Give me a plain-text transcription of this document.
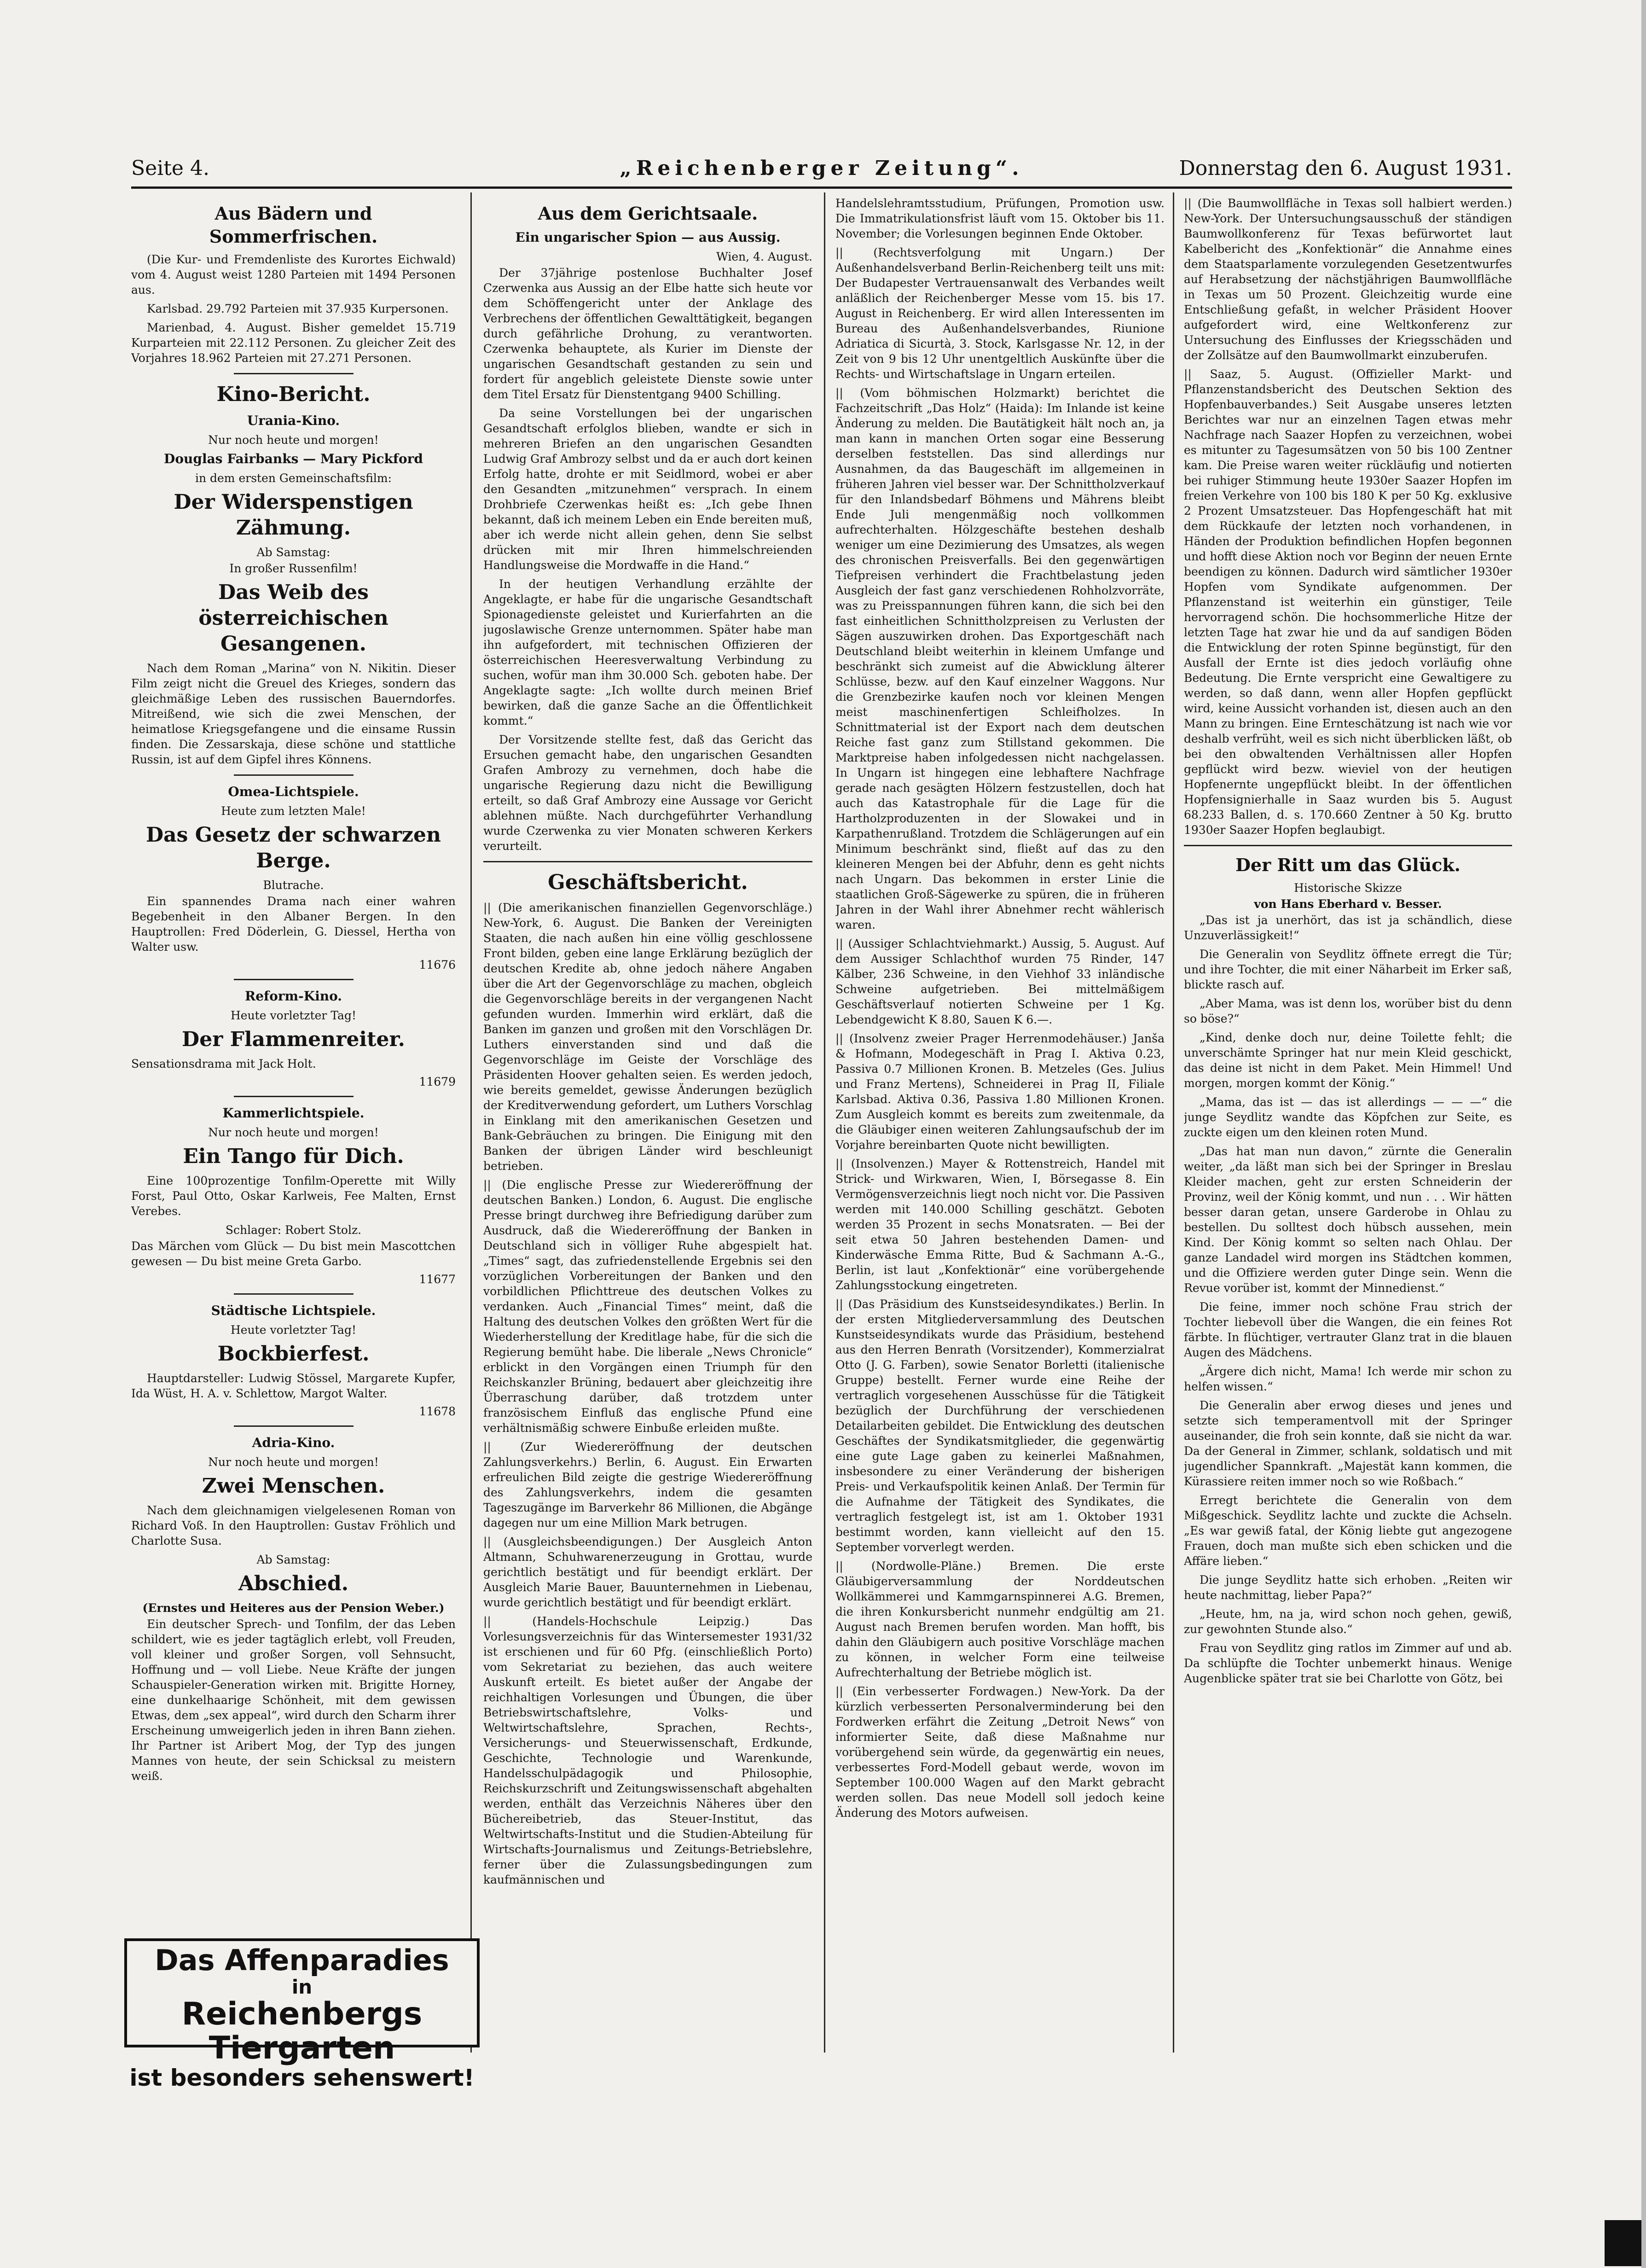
Seite 4.	„Reichenberger Zeitung“.	Donnerstag den 6. August 1931.
Aus Bädern und Sommerfrischen.

(Die Kur- und Fremdenliste des Kurortes Eichwald) vom 4. August weist 1280 Parteien mit 1494 Personen aus.

Karlsbad. 29.792 Parteien mit 37.935 Kurpersonen.

Marienbad, 4. August. Bisher gemeldet 15.719 Kurparteien mit 22.112 Personen. Zu gleicher Zeit des Vorjahres 18.962 Parteien mit 27.271 Personen.

Kino-Bericht.
Urania-Kino.
Nur noch heute und morgen!
Douglas Fairbanks — Mary Pickford
in dem ersten Gemeinschaftsfilm:
Der Widerspenstigen Zähmung.
Ab Samstag:
In großer Russenfilm!
Das Weib des österreichischen Gesangenen.

Nach dem Roman „Marina“ von N. Nikitin. Dieser Film zeigt nicht die Greuel des Krieges, sondern das gleichmäßige Leben des russischen Bauerndorfes. Mitreißend, wie sich die zwei Menschen, der heimatlose Kriegsgefangene und die einsame Russin finden. Die Zessarskaja, diese schöne und stattliche Russin, ist auf dem Gipfel ihres Könnens.

Omea-Lichtspiele.
Heute zum letzten Male!
Das Gesetz der schwarzen Berge.
Blutrache.

Ein spannendes Drama nach einer wahren Begebenheit in den Albaner Bergen. In den Hauptrollen: Fred Döderlein, G. Diessel, Hertha von Walter usw.

11676
Reform-Kino.
Heute vorletzter Tag!
Der Flammenreiter.

Sensationsdrama mit Jack Holt.

11679
Kammerlichtspiele.
Nur noch heute und morgen!
Ein Tango für Dich.

Eine 100prozentige Tonfilm-Operette mit Willy Forst, Paul Otto, Oskar Karlweis, Fee Malten, Ernst Verebes.

Schlager: Robert Stolz.

Das Märchen vom Glück — Du bist mein Mascottchen gewesen — Du bist meine Greta Garbo.

11677
Städtische Lichtspiele.
Heute vorletzter Tag!
Bockbierfest.

Hauptdarsteller: Ludwig Stössel, Margarete Kupfer, Ida Wüst, H. A. v. Schlettow, Margot Walter.

11678
Adria-Kino.
Nur noch heute und morgen!
Zwei Menschen.

Nach dem gleichnamigen vielgelesenen Roman von Richard Voß. In den Hauptrollen: Gustav Fröhlich und Charlotte Susa.

Ab Samstag:
Abschied.
(Ernstes und Heiteres aus der Pension Weber.)

Ein deutscher Sprech- und Tonfilm, der das Leben schildert, wie es jeder tagtäglich erlebt, voll Freuden, voll kleiner und großer Sorgen, voll Sehnsucht, Hoffnung und — voll Liebe. Neue Kräfte der jungen Schauspieler-Generation wirken mit. Brigitte Horney, eine dunkelhaarige Schönheit, mit dem gewissen Etwas, dem „sex appeal“, wird durch den Scharm ihrer Erscheinung umweigerlich jeden in ihren Bann ziehen. Ihr Partner ist Aribert Mog, der Typ des jungen Mannes von heute, der sein Schicksal zu meistern weiß.

Das Affenparadies
in
Reichenbergs Tiergarten
ist besonders sehenswert!
Aus dem Gerichtsaale.
Ein ungarischer Spion — aus Aussig.
Wien, 4. August.

Der 37jährige postenlose Buchhalter Josef Czerwenka aus Aussig an der Elbe hatte sich heute vor dem Schöffengericht unter der Anklage des Verbrechens der öffentlichen Gewalttätigkeit, begangen durch gefährliche Drohung, zu verantworten. Czerwenka behauptete, als Kurier im Dienste der ungarischen Gesandtschaft gestanden zu sein und fordert für angeblich geleistete Dienste sowie unter dem Titel Ersatz für Dienstentgang 9400 Schilling.

Da seine Vorstellungen bei der ungarischen Gesandtschaft erfolglos blieben, wandte er sich in mehreren Briefen an den ungarischen Gesandten Ludwig Graf Ambrozy selbst und da er auch dort keinen Erfolg hatte, drohte er mit Seidlmord, wobei er aber den Gesandten „mitzunehmen“ versprach. In einem Drohbriefe Czerwenkas heißt es: „Ich gebe Ihnen bekannt, daß ich meinem Leben ein Ende bereiten muß, aber ich werde nicht allein gehen, denn Sie selbst drücken mit mir Ihren himmelschreienden Handlungsweise die Mordwaffe in die Hand.“

In der heutigen Verhandlung erzählte der Angeklagte, er habe für die ungarische Gesandtschaft Spionagedienste geleistet und Kurierfahrten an die jugoslawische Grenze unternommen. Später habe man ihn aufgefordert, mit technischen Offizieren der österreichischen Heeresverwaltung Verbindung zu suchen, wofür man ihm 30.000 Sch. geboten habe. Der Angeklagte sagte: „Ich wollte durch meinen Brief bewirken, daß die ganze Sache an die Öffentlichkeit kommt.“

Der Vorsitzende stellte fest, daß das Gericht das Ersuchen gemacht habe, den ungarischen Gesandten Grafen Ambrozy zu vernehmen, doch habe die ungarische Regierung dazu nicht die Bewilligung erteilt, so daß Graf Ambrozy eine Aussage vor Gericht ablehnen müßte. Nach durchgeführter Verhandlung wurde Czerwenka zu vier Monaten schweren Kerkers verurteilt.

Geschäftsbericht.

|| (Die amerikanischen finanziellen Gegenvorschläge.) New-York, 6. August. Die Banken der Vereinigten Staaten, die nach außen hin eine völlig geschlossene Front bilden, geben eine lange Erklärung bezüglich der deutschen Kredite ab, ohne jedoch nähere Angaben über die Art der Gegenvorschläge zu machen, obgleich die Gegenvorschläge bereits in der vergangenen Nacht gefunden wurden. Immerhin wird erklärt, daß die Banken im ganzen und großen mit den Vorschlägen Dr. Luthers einverstanden sind und daß die Gegenvorschläge im Geiste der Vorschläge des Präsidenten Hoover gehalten seien. Es werden jedoch, wie bereits gemeldet, gewisse Änderungen bezüglich der Kreditverwendung gefordert, um Luthers Vorschlag in Einklang mit den amerikanischen Gesetzen und Bank-Gebräuchen zu bringen. Die Einigung mit den Banken der übrigen Länder wird beschleunigt betrieben.

|| (Die englische Presse zur Wiedereröffnung der deutschen Banken.) London, 6. August. Die englische Presse bringt durchweg ihre Befriedigung darüber zum Ausdruck, daß die Wiedereröffnung der Banken in Deutschland sich in völliger Ruhe abgespielt hat. „Times“ sagt, das zufriedenstellende Ergebnis sei den vorzüglichen Vorbereitungen der Banken und den vorbildlichen Pflichttreue des deutschen Volkes zu verdanken. Auch „Financial Times“ meint, daß die Haltung des deutschen Volkes den größten Wert für die Wiederherstellung der Kreditlage habe, für die sich die Regierung bemüht habe. Die liberale „News Chronicle“ erblickt in den Vorgängen einen Triumph für den Reichskanzler Brüning, bedauert aber gleichzeitig ihre Überraschung darüber, daß trotzdem unter französischem Einfluß das englische Pfund eine verhältnismäßig schwere Einbuße erleiden mußte.

|| (Zur Wiedereröffnung der deutschen Zahlungsverkehrs.) Berlin, 6. August. Ein Erwarten erfreulichen Bild zeigte die gestrige Wiedereröffnung des Zahlungsverkehrs, indem die gesamten Tageszugänge im Barverkehr 86 Millionen, die Abgänge dagegen nur um eine Million Mark betrugen.

|| (Ausgleichsbeendigungen.) Der Ausgleich Anton Altmann, Schuhwarenerzeugung in Grottau, wurde gerichtlich bestätigt und für beendigt erklärt. Der Ausgleich Marie Bauer, Bauunternehmen in Liebenau, wurde gerichtlich bestätigt und für beendigt erklärt.

|| (Handels-Hochschule Leipzig.) Das Vorlesungsverzeichnis für das Wintersemester 1931/32 ist erschienen und für 60 Pfg. (einschließlich Porto) vom Sekretariat zu beziehen, das auch weitere Auskunft erteilt. Es bietet außer der Angabe der reichhaltigen Vorlesungen und Übungen, die über Betriebswirtschaftslehre, Volks- und Weltwirtschaftslehre, Sprachen, Rechts-, Versicherungs- und Steuerwissenschaft, Erdkunde, Geschichte, Technologie und Warenkunde, Handelsschulpädagogik und Philosophie, Reichskurzschrift und Zeitungswissenschaft abgehalten werden, enthält das Verzeichnis Näheres über den Büchereibetrieb, das Steuer-Institut, das Weltwirtschafts-Institut und die Studien-Abteilung für Wirtschafts-Journalismus und Zeitungs-Betriebslehre, ferner über die Zulassungsbedingungen zum kaufmännischen und

Handelslehramtsstudium, Prüfungen, Promotion usw. Die Immatrikulationsfrist läuft vom 15. Oktober bis 11. November; die Vorlesungen beginnen Ende Oktober.

|| (Rechtsverfolgung mit Ungarn.) Der Außenhandelsverband Berlin-Reichenberg teilt uns mit: Der Budapester Vertrauensanwalt des Verbandes weilt anläßlich der Reichenberger Messe vom 15. bis 17. August in Reichenberg. Er wird allen Interessenten im Bureau des Außenhandelsverbandes, Riunione Adriatica di Sicurtà, 3. Stock, Karlsgasse Nr. 12, in der Zeit von 9 bis 12 Uhr unentgeltlich Auskünfte über die Rechts- und Wirtschaftslage in Ungarn erteilen.

|| (Vom böhmischen Holzmarkt) berichtet die Fachzeitschrift „Das Holz“ (Haida): Im Inlande ist keine Änderung zu melden. Die Bautätigkeit hält noch an, ja man kann in manchen Orten sogar eine Besserung derselben feststellen. Das sind allerdings nur Ausnahmen, da das Baugeschäft im allgemeinen in früheren Jahren viel besser war. Der Schnittholzverkauf für den Inlandsbedarf Böhmens und Mährens bleibt Ende Juli mengenmäßig noch vollkommen aufrechterhalten. Hölzgeschäfte bestehen deshalb weniger um eine Dezimierung des Umsatzes, als wegen des chronischen Preisverfalls. Bei den gegenwärtigen Tiefpreisen verhindert die Frachtbelastung jeden Ausgleich der fast ganz verschiedenen Rohholzvorräte, was zu Preisspannungen führen kann, die sich bei den fast einheitlichen Schnittholzpreisen zu Verlusten der Sägen auszuwirken drohen. Das Exportgeschäft nach Deutschland bleibt weiterhin in kleinem Umfange und beschränkt sich zumeist auf die Abwicklung älterer Schlüsse, bezw. auf den Kauf einzelner Waggons. Nur die Grenzbezirke kaufen noch vor kleinen Mengen meist maschinenfertigen Schleifholzes. In Schnittmaterial ist der Export nach dem deutschen Reiche fast ganz zum Stillstand gekommen. Die Marktpreise haben infolgedessen nicht nachgelassen. In Ungarn ist hingegen eine lebhaftere Nachfrage gerade nach gesägten Hölzern festzustellen, doch hat auch das Katastrophale für die Lage für die Hartholzproduzenten in der Slowakei und in Karpathenrußland. Trotzdem die Schlägerungen auf ein Minimum beschränkt sind, fließt auf das zu den kleineren Mengen bei der Abfuhr, denn es geht nichts nach Ungarn. Das bekommen in erster Linie die staatlichen Groß-Sägewerke zu spüren, die in früheren Jahren in der Wahl ihrer Abnehmer recht wählerisch waren.

|| (Aussiger Schlachtviehmarkt.) Aussig, 5. August. Auf dem Aussiger Schlachthof wurden 75 Rinder, 147 Kälber, 236 Schweine, in den Viehhof 33 inländische Schweine aufgetrieben. Bei mittelmäßigem Geschäftsverlauf notierten Schweine per 1 Kg. Lebendgewicht K 8.80, Sauen K 6.—.

|| (Insolvenz zweier Prager Herrenmodehäuser.) Janša & Hofmann, Modegeschäft in Prag I. Aktiva 0.23, Passiva 0.7 Millionen Kronen. B. Metzeles (Ges. Julius und Franz Mertens), Schneiderei in Prag II, Filiale Karlsbad. Aktiva 0.36, Passiva 1.80 Millionen Kronen. Zum Ausgleich kommt es bereits zum zweitenmale, da die Gläubiger einen weiteren Zahlungsaufschub der im Vorjahre bereinbarten Quote nicht bewilligten.

|| (Insolvenzen.) Mayer & Rottenstreich, Handel mit Strick- und Wirkwaren, Wien, I, Börsegasse 8. Ein Vermögensverzeichnis liegt noch nicht vor. Die Passiven werden mit 140.000 Schilling geschätzt. Geboten werden 35 Prozent in sechs Monatsraten. — Bei der seit etwa 50 Jahren bestehenden Damen- und Kinderwäsche Emma Ritte, Bud & Sachmann A.-G., Berlin, ist laut „Konfektionär“ eine vorübergehende Zahlungsstockung eingetreten.

|| (Das Präsidium des Kunstseidesyndikates.) Berlin. In der ersten Mitgliederversammlung des Deutschen Kunstseidesyndikats wurde das Präsidium, bestehend aus den Herren Benrath (Vorsitzender), Kommerzialrat Otto (J. G. Farben), sowie Senator Borletti (italienische Gruppe) bestellt. Ferner wurde eine Reihe der vertraglich vorgesehenen Ausschüsse für die Tätigkeit bezüglich der Durchführung der verschiedenen Detailarbeiten gebildet. Die Entwicklung des deutschen Geschäftes der Syndikatsmitglieder, die gegenwärtig eine gute Lage gaben zu keinerlei Maßnahmen, insbesondere zu einer Veränderung der bisherigen Preis- und Verkaufspolitik keinen Anlaß. Der Termin für die Aufnahme der Tätigkeit des Syndikates, die vertraglich festgelegt ist, ist am 1. Oktober 1931 bestimmt worden, kann vielleicht auf den 15. September vorverlegt werden.

|| (Nordwolle-Pläne.) Bremen. Die erste Gläubigerversammlung der Norddeutschen Wollkämmerei und Kammgarnspinnerei A.G. Bremen, die ihren Konkursbericht nunmehr endgültig am 21. August nach Bremen berufen worden. Man hofft, bis dahin den Gläubigern auch positive Vorschläge machen zu können, in welcher Form eine teilweise Aufrechterhaltung der Betriebe möglich ist.

|| (Ein verbesserter Fordwagen.) New-York. Da der kürzlich verbesserten Personalverminderung bei den Fordwerken erfährt die Zeitung „Detroit News“ von informierter Seite, daß diese Maßnahme nur vorübergehend sein würde, da gegenwärtig ein neues, verbessertes Ford-Modell gebaut werde, wovon im September 100.000 Wagen auf den Markt gebracht werden sollen. Das neue Modell soll jedoch keine Änderung des Motors aufweisen.

|| (Die Baumwollfläche in Texas soll halbiert werden.) New-York. Der Untersuchungsausschuß der ständigen Baumwollkonferenz für Texas befürwortet laut Kabelbericht des „Konfektionär“ die Annahme eines dem Staatsparlamente vorzulegenden Gesetzentwurfes auf Herabsetzung der nächstjährigen Baumwollfläche in Texas um 50 Prozent. Gleichzeitig wurde eine Entschließung gefaßt, in welcher Präsident Hoover aufgefordert wird, eine Weltkonferenz zur Untersuchung des Einflusses der Kriegsschäden und der Zollsätze auf den Baumwollmarkt einzuberufen.

|| Saaz, 5. August. (Offizieller Markt- und Pflanzenstandsbericht des Deutschen Sektion des Hopfenbauverbandes.) Seit Ausgabe unseres letzten Berichtes war nur an einzelnen Tagen etwas mehr Nachfrage nach Saazer Hopfen zu verzeichnen, wobei es mitunter zu Tagesumsätzen von 50 bis 100 Zentner kam. Die Preise waren weiter rückläufig und notierten bei ruhiger Stimmung heute 1930er Saazer Hopfen im freien Verkehre von 100 bis 180 K per 50 Kg. exklusive 2 Prozent Umsatzsteuer. Das Hopfengeschäft hat mit dem Rückkaufe der letzten noch vorhandenen, in Händen der Produktion befindlichen Hopfen begonnen und hofft diese Aktion noch vor Beginn der neuen Ernte beendigen zu können. Dadurch wird sämtlicher 1930er Hopfen vom Syndikate aufgenommen. Der Pflanzenstand ist weiterhin ein günstiger, Teile hervorragend schön. Die hochsommerliche Hitze der letzten Tage hat zwar hie und da auf sandigen Böden die Entwicklung der roten Spinne begünstigt, für den Ausfall der Ernte ist dies jedoch vorläufig ohne Bedeutung. Die Ernte verspricht eine Gewaltigere zu werden, so daß dann, wenn aller Hopfen gepflückt wird, keine Aussicht vorhanden ist, diesen auch an den Mann zu bringen. Eine Ernteschätzung ist nach wie vor deshalb verfrüht, weil es sich nicht überblicken läßt, ob bei den obwaltenden Verhältnissen aller Hopfen gepflückt wird bezw. wieviel von der heutigen Hopfenernte ungepflückt bleibt. In der öffentlichen Hopfensignierhalle in Saaz wurden bis 5. August 68.233 Ballen, d. s. 170.660 Zentner à 50 Kg. brutto 1930er Saazer Hopfen beglaubigt.

Der Ritt um das Glück.
Historische Skizze
von Hans Eberhard v. Besser.

„Das ist ja unerhört, das ist ja schändlich, diese Unzuverlässigkeit!“

Die Generalin von Seydlitz öffnete erregt die Tür; und ihre Tochter, die mit einer Näharbeit im Erker saß, blickte rasch auf.

„Aber Mama, was ist denn los, worüber bist du denn so böse?“

„Kind, denke doch nur, deine Toilette fehlt; die unverschämte Springer hat nur mein Kleid geschickt, das deine ist nicht in dem Paket. Mein Himmel! Und morgen, morgen kommt der König.“

„Mama, das ist — das ist allerdings — — —“ die junge Seydlitz wandte das Köpfchen zur Seite, es zuckte eigen um den kleinen roten Mund.

„Das hat man nun davon,“ zürnte die Generalin weiter, „da läßt man sich bei der Springer in Breslau Kleider machen, geht zur ersten Schneiderin der Provinz, weil der König kommt, und nun . . . Wir hätten besser daran getan, unsere Garderobe in Ohlau zu bestellen. Du solltest doch hübsch aussehen, mein Kind. Der König kommt so selten nach Ohlau. Der ganze Landadel wird morgen ins Städtchen kommen, und die Offiziere werden guter Dinge sein. Wenn die Revue vorüber ist, kommt der Minnedienst.“

Die feine, immer noch schöne Frau strich der Tochter liebevoll über die Wangen, die ein feines Rot färbte. In flüchtiger, vertrauter Glanz trat in die blauen Augen des Mädchens.

„Ärgere dich nicht, Mama! Ich werde mir schon zu helfen wissen.“

Die Generalin aber erwog dieses und jenes und setzte sich temperamentvoll mit der Springer auseinander, die froh sein konnte, daß sie nicht da war. Da der General in Zimmer, schlank, soldatisch und mit jugendlicher Spannkraft. „Majestät kann kommen, die Kürassiere reiten immer noch so wie Roßbach.“

Erregt berichtete die Generalin von dem Mißgeschick. Seydlitz lachte und zuckte die Achseln. „Es war gewiß fatal, der König liebte gut angezogene Frauen, doch man mußte sich eben schicken und die Affäre lieben.“

Die junge Seydlitz hatte sich erhoben. „Reiten wir heute nachmittag, lieber Papa?“

„Heute, hm, na ja, wird schon noch gehen, gewiß, zur gewohnten Stunde also.“

Frau von Seydlitz ging ratlos im Zimmer auf und ab. Da schlüpfte die Tochter unbemerkt hinaus. Wenige Augenblicke später trat sie bei Charlotte von Götz, bei
